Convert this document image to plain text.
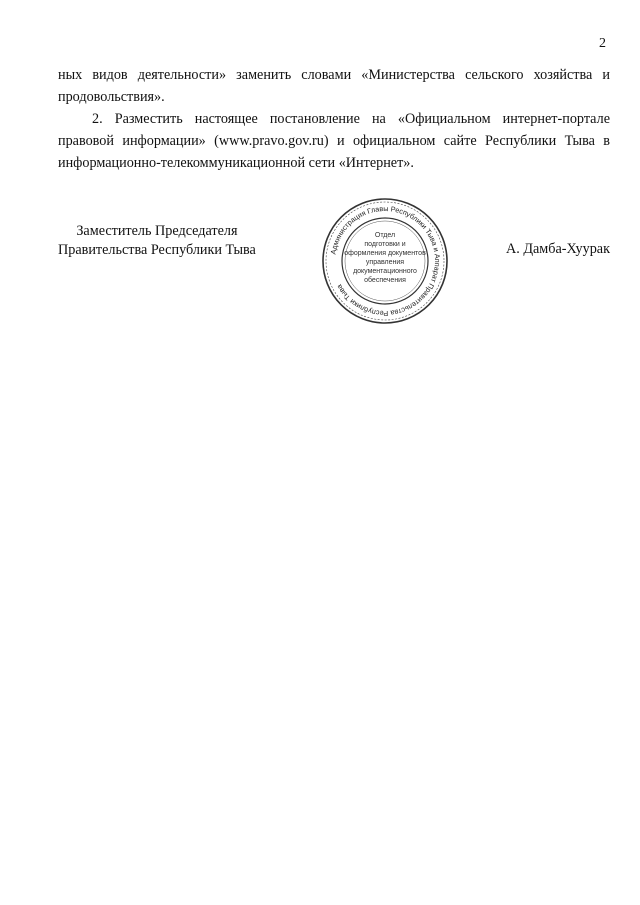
2

ных видов деятельности» заменить словами «Министерства сельского хозяйства и продовольствия».

2. Разместить настоящее постановление на «Официальном интернет-портале правовой информации» (www.pravo.gov.ru) и официальном сайте Республики Тыва в информационно-телекоммуникационной сети «Интернет».

Заместитель Председателя
Правительства Республики Тыва	Администрация Главы Республики Тыва и Аппарат Правительства Республики Тыва
Отдел
подготовки и
оформления документов
управления
документационного
обеспечения
А. Дамба-Хуурак
